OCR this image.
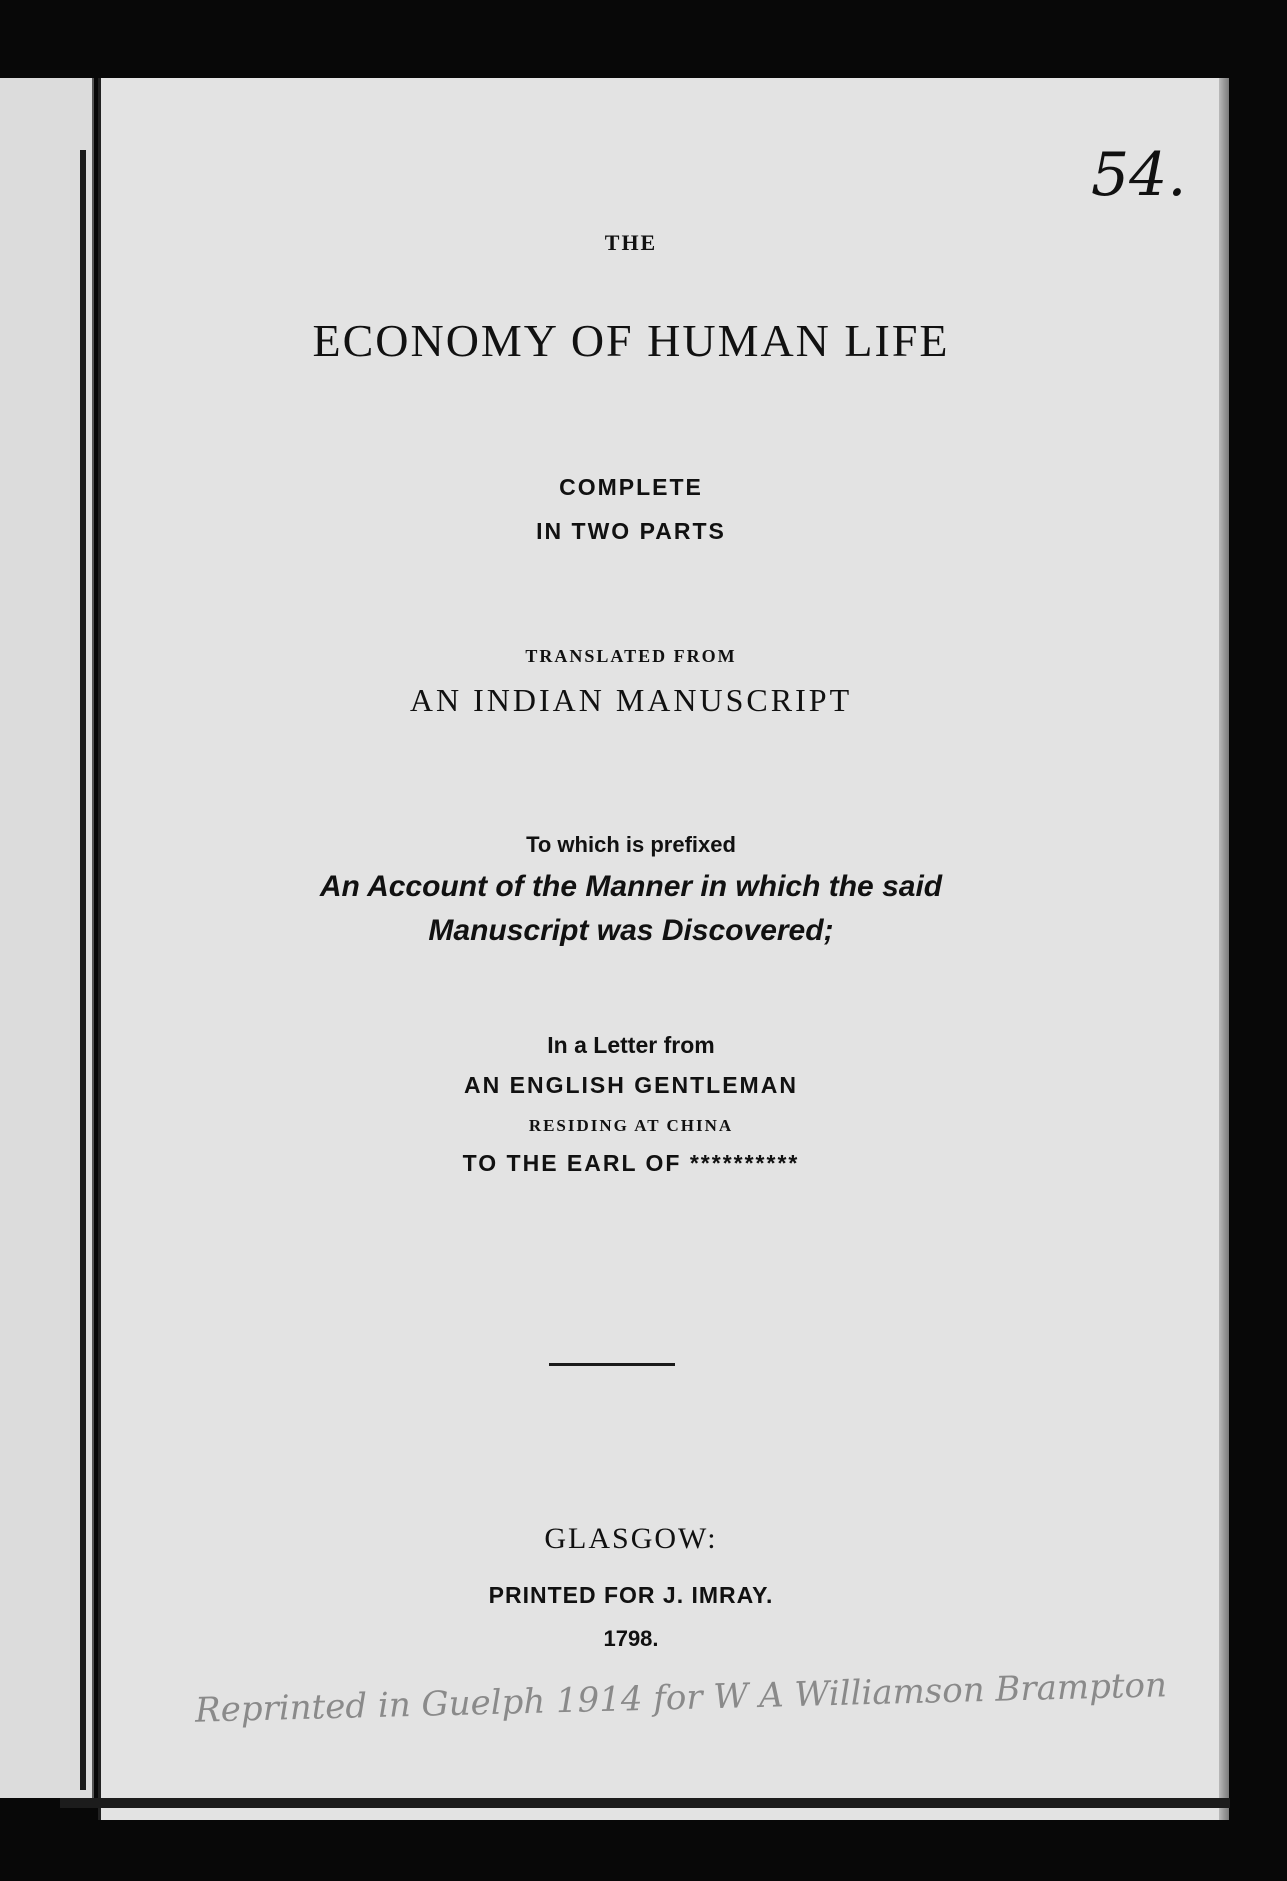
54.
THE
ECONOMY OF HUMAN LIFE
COMPLETE
IN TWO PARTS
TRANSLATED FROM
AN INDIAN MANUSCRIPT
To which is prefixed
An Account of the Manner in which the said
Manuscript was Discovered;
In a Letter from
AN ENGLISH GENTLEMAN
RESIDING AT CHINA
TO THE EARL OF **********
GLASGOW:
PRINTED FOR J. IMRAY.
1798.
Reprinted in Guelph 1914 for W A Williamson Brampton
